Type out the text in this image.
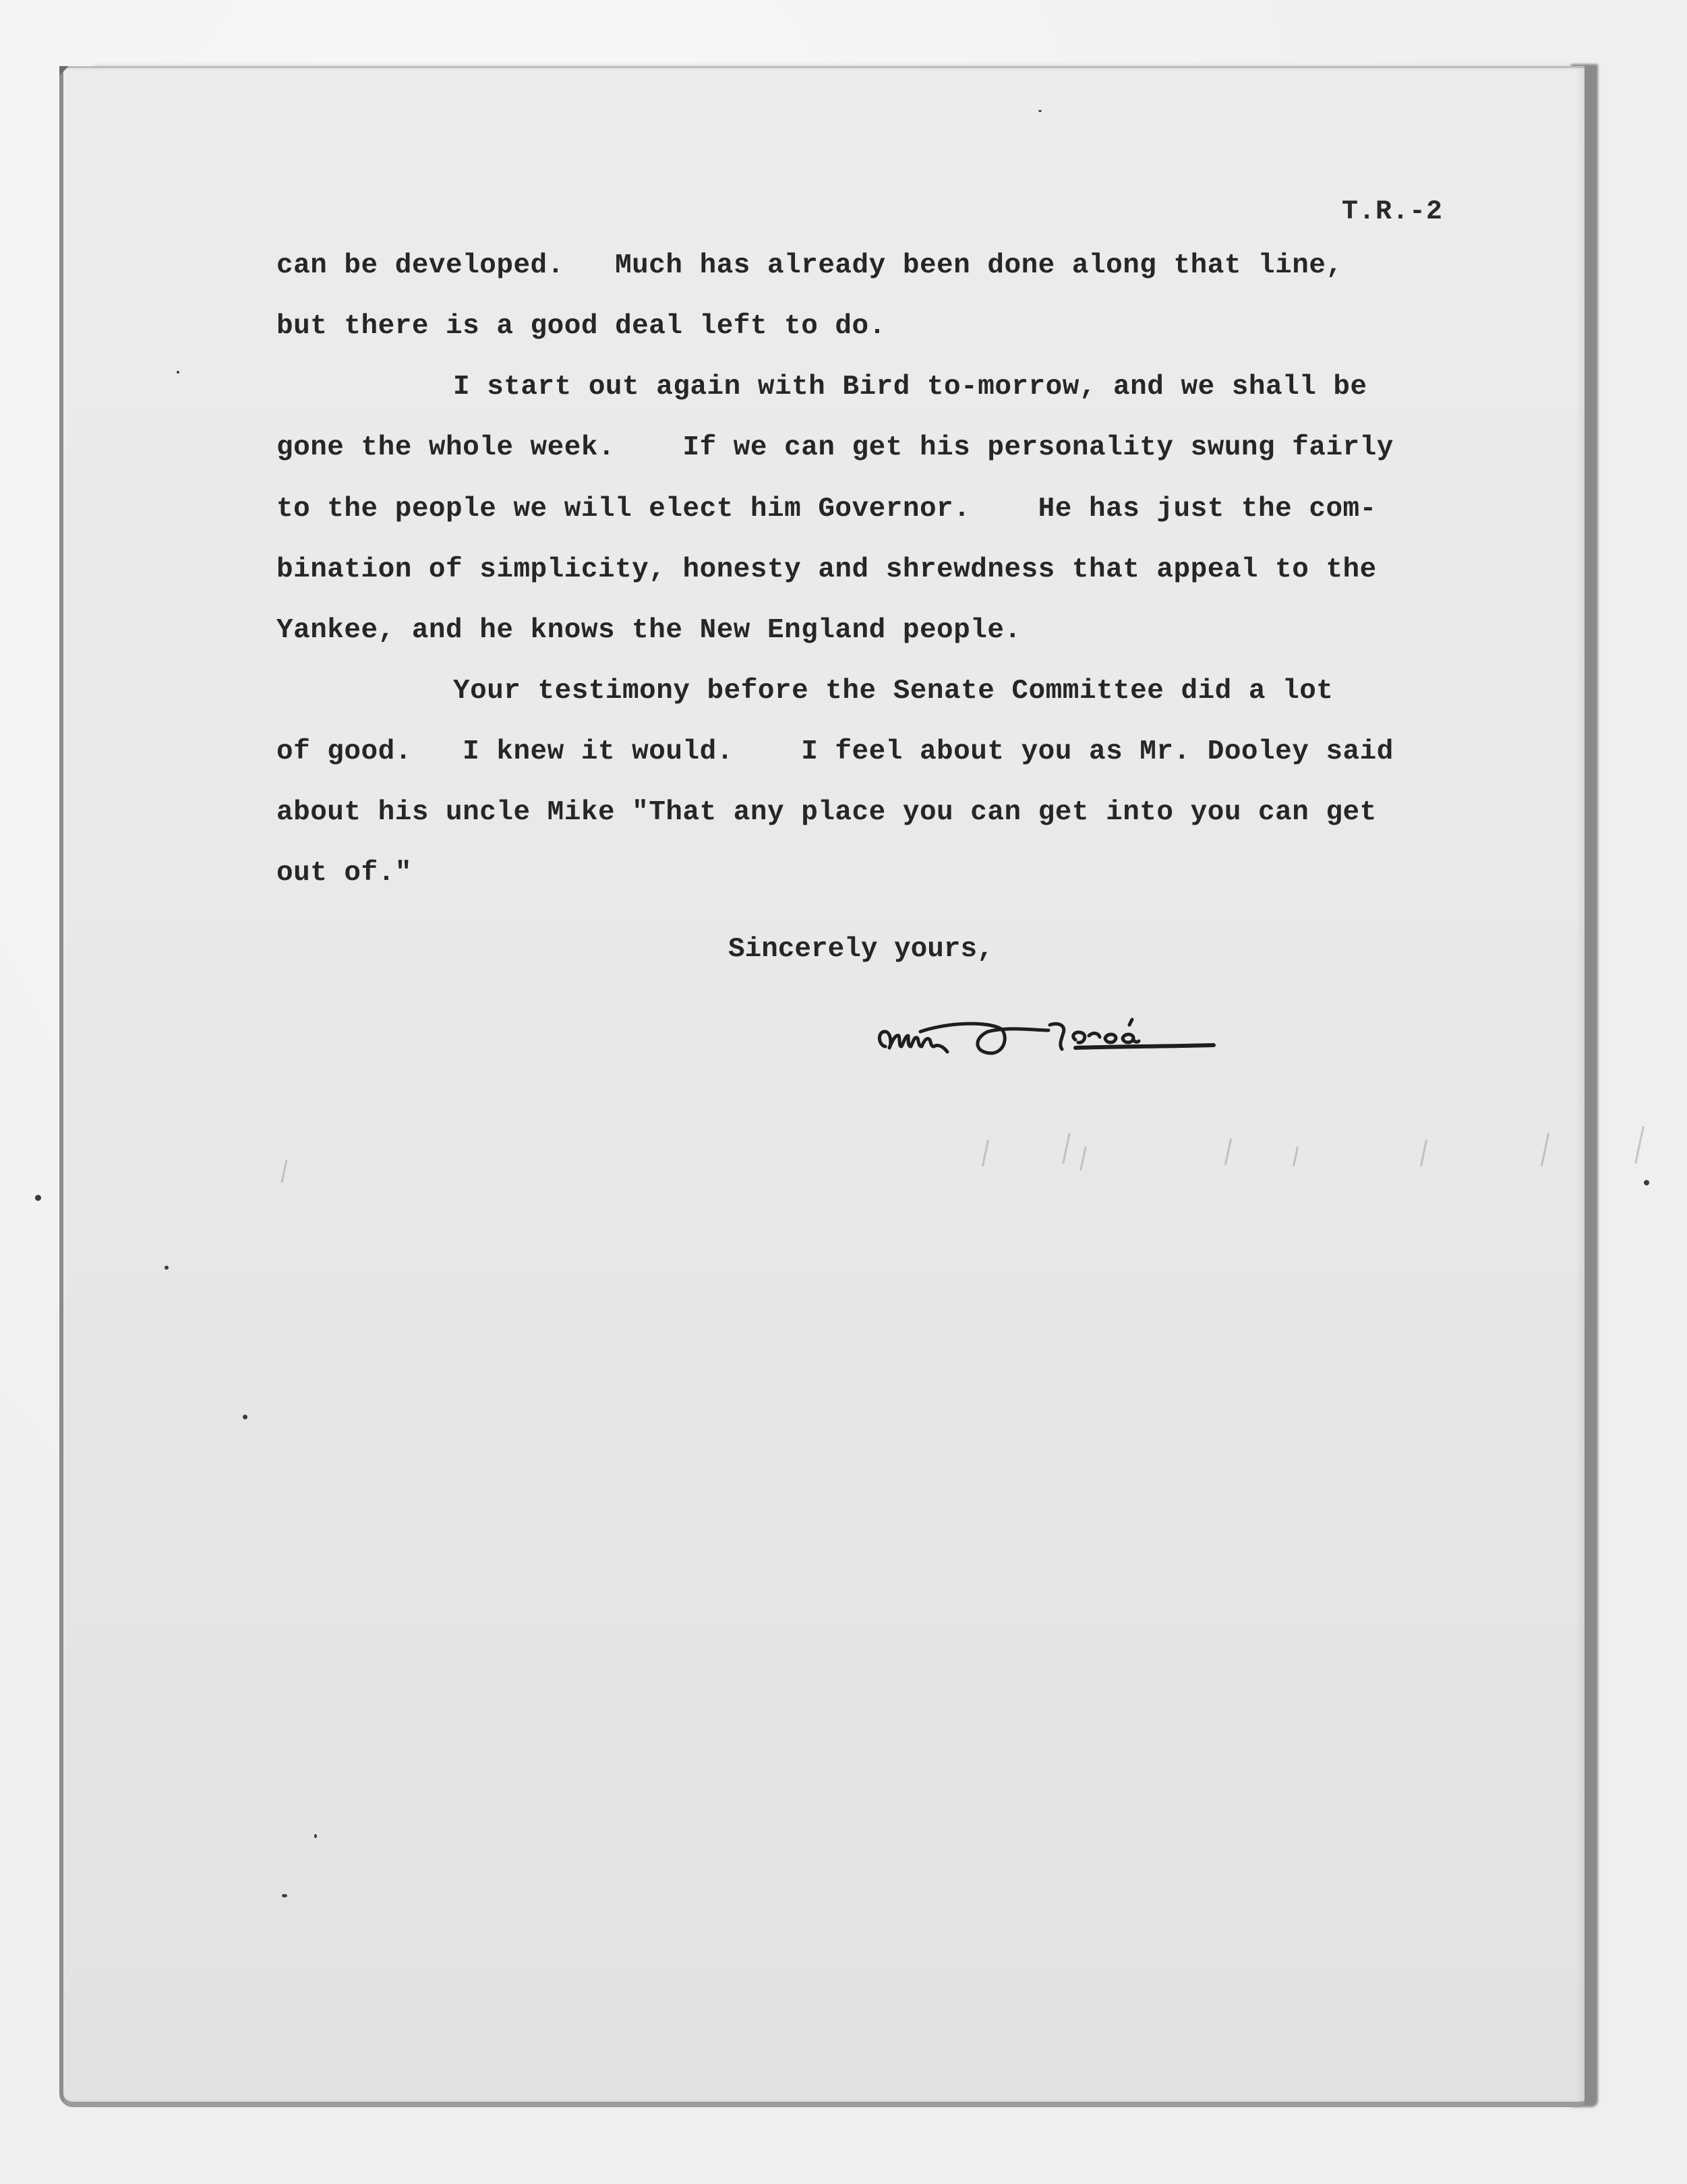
T.R.-2
can be developed.   Much has already been done along that line,
but there is a good deal left to do.
I start out again with Bird to-morrow, and we shall be
gone the whole week.    If we can get his personality swung fairly
to the people we will elect him Governor.    He has just the com-
bination of simplicity, honesty and shrewdness that appeal to the
Yankee, and he knows the New England people.
Your testimony before the Senate Committee did a lot
of good.   I knew it would.    I feel about you as Mr. Dooley said
about his uncle Mike "That any place you can get into you can get
out of."
Sincerely yours,
